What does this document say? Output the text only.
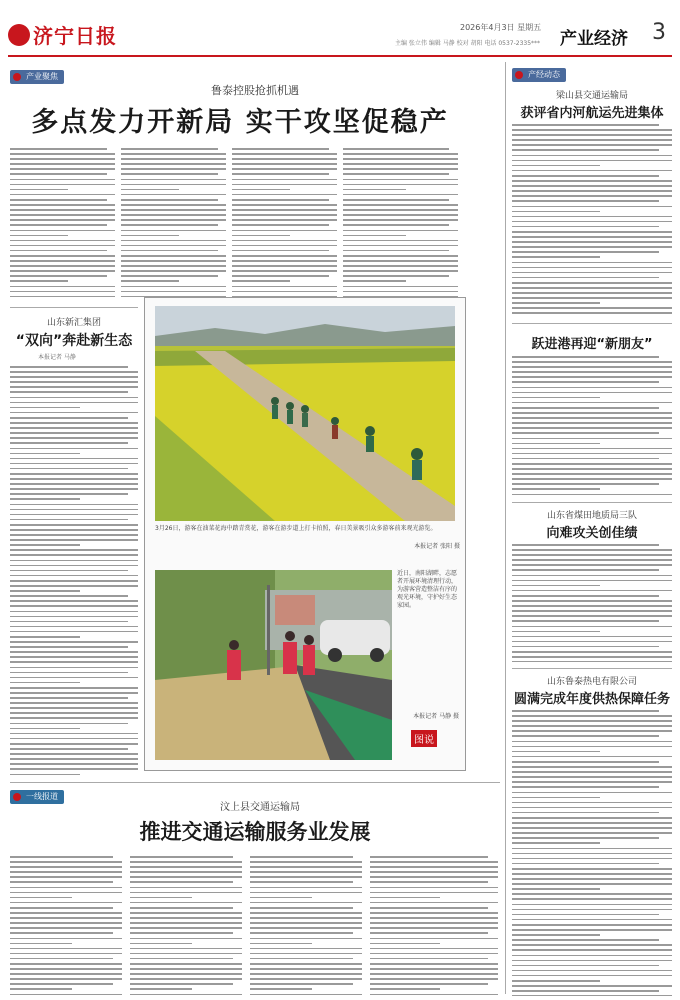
济宁日报	2026年4月3日 星期五
主编 张立伟 编辑 马静 校对 胡阳 电话 0537-2335*** 产业经济 3
产业聚焦
鲁泰控股抢抓机遇
多点发力开新局 实干攻坚促稳产
山东新汇集团
“双向”奔赴新生态
本报记者 马静
3月26日，游客在油菜花海中踏青赏花，游客在游步道上打卡拍照，春日美景吸引众多游客前来观光游览。
本报记者 张阳 摄
近日，南阳湖畔，志愿者开展环境清理行动，为游客营造整洁有序的观光环境，守护好生态家园。
本报记者 马静 摄
图说
一线报道
汶上县交通运输局
推进交通运输服务业发展
产经动态
梁山县交通运输局
获评省内河航运先进集体
跃进港再迎“新朋友”
山东省煤田地质局三队
向难攻关创佳绩
山东鲁泰热电有限公司
圆满完成年度供热保障任务
